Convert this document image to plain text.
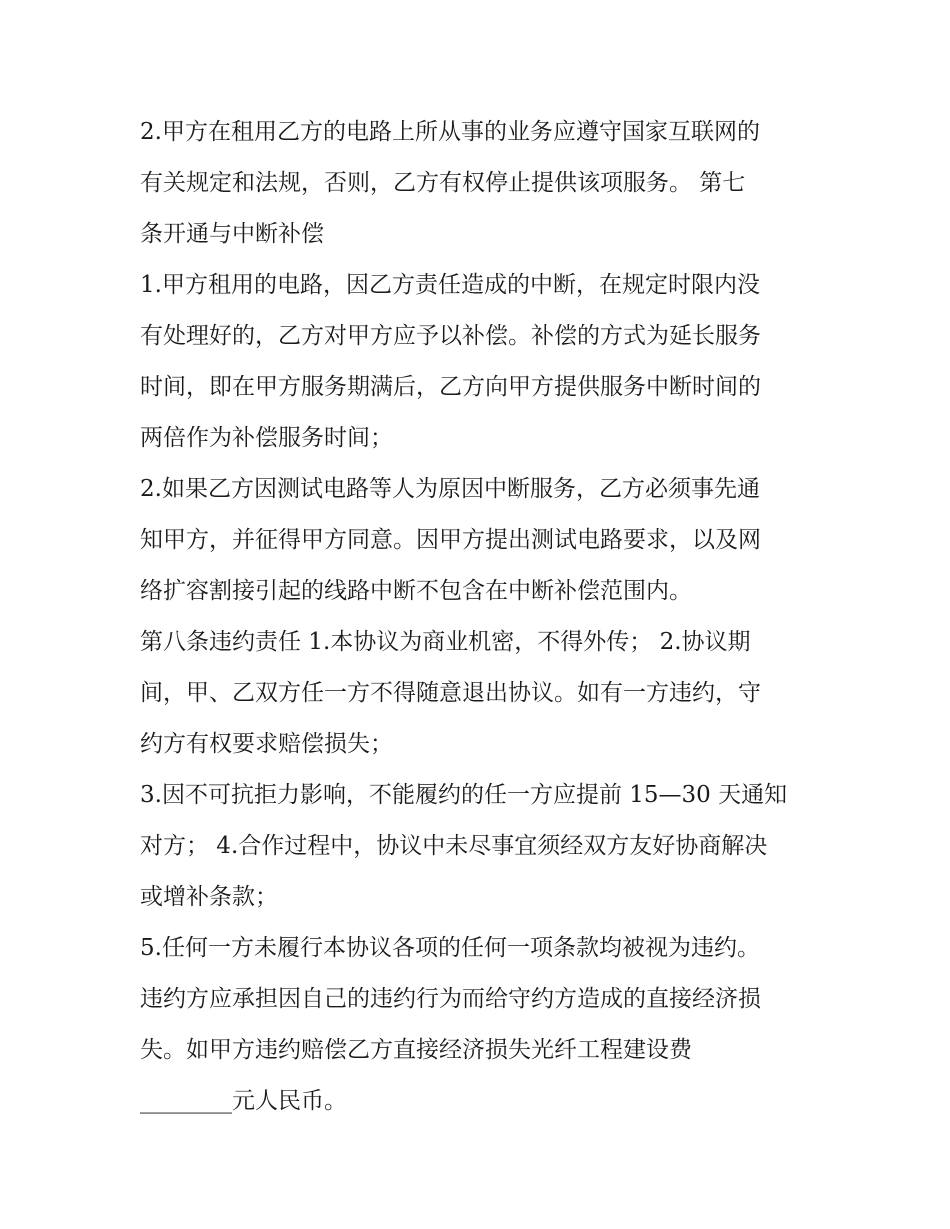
2.甲方在租用乙方的电路上所从事的业务应遵守国家互联网的
有关规定和法规，否则，乙方有权停止提供该项服务。 第七
条开通与中断补偿
1.甲方租用的电路，因乙方责任造成的中断，在规定时限内没
有处理好的，乙方对甲方应予以补偿。补偿的方式为延长服务
时间，即在甲方服务期满后，乙方向甲方提供服务中断时间的
两倍作为补偿服务时间；
2.如果乙方因测试电路等人为原因中断服务，乙方必须事先通
知甲方，并征得甲方同意。因甲方提出测试电路要求，以及网
络扩容割接引起的线路中断不包含在中断补偿范围内。
第八条违约责任 1.本协议为商业机密，不得外传； 2.协议期
间，甲、乙双方任一方不得随意退出协议。如有一方违约，守
约方有权要求赔偿损失；
3.因不可抗拒力影响，不能履约的任一方应提前 15—30 天通知
对方； 4.合作过程中，协议中未尽事宜须经双方友好协商解决
或增补条款；
5.任何一方未履行本协议各项的任何一项条款均被视为违约。
违约方应承担因自己的违约行为而给守约方造成的直接经济损
失。如甲方违约赔偿乙方直接经济损失光纤工程建设费
________元人民币。
